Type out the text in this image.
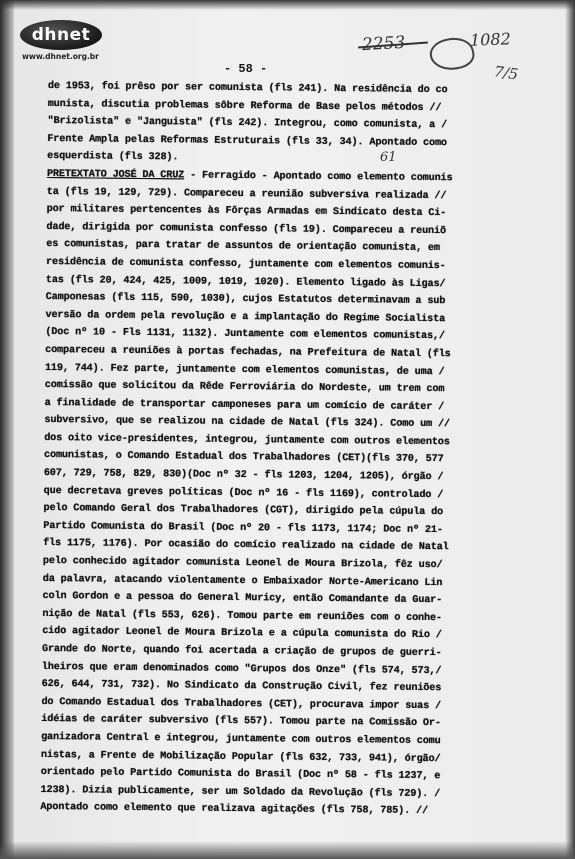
dhnet
www.dhnet.org.br
2253	1082
7/5
61
- 58 -
de 1953, foi prêso por ser comunista (fls 241). Na residência do co
munista, discutia problemas sôbre Reforma de Base pelos métodos //
"Brizolista" e "Janguista" (fls 242). Integrou, como comunista, a /
Frente Ampla pelas Reformas Estruturais (fls 33, 34). Apontado como
esquerdista (fls 328).
PRETEXTATO JOSÉ DA CRUZ - Ferragido - Apontado como elemento comunis
ta (fls 19, 129, 729). Compareceu a reunião subversiva realizada //
por militares pertencentes às Fôrças Armadas em Sindicato desta Ci-
dade, dirigida por comunista confesso (fls 19). Compareceu a reuniõ
es comunistas, para tratar de assuntos de orientação comunista, em
residência de comunista confesso, juntamente com elementos comunis-
tas (fls 20, 424, 425, 1009, 1019, 1020). Elemento ligado às Ligas/
Camponesas (fls 115, 590, 1030), cujos Estatutos determinavam a sub
versão da ordem pela revolução e a implantação do Regime Socialista
(Doc nº 10 - Fls 1131, 1132). Juntamente com elementos comunistas,/
compareceu a reuniões à portas fechadas, na Prefeitura de Natal (fls
119, 744). Fez parte, juntamente com elementos comunistas, de uma /
comissão que solicitou da Rêde Ferroviária do Nordeste, um trem com
a finalidade de transportar camponeses para um comício de caráter /
subversivo, que se realizou na cidade de Natal (fls 324). Como um //
dos oito vice-presidentes, integrou, juntamente com outros elementos
comunistas, o Comando Estadual dos Trabalhadores (CET)(fls 370, 577
607, 729, 758, 829, 830)(Doc nº 32 - fls 1203, 1204, 1205), órgão /
que decretava greves políticas (Doc nº 16 - fls 1169), controlado /
pelo Comando Geral dos Trabalhadores (CGT), dirigido pela cúpula do
Partido Comunista do Brasil (Doc nº 20 - fls 1173, 1174; Doc nº 21-
fls 1175, 1176). Por ocasião do comício realizado na cidade de Natal
pelo conhecido agitador comunista Leonel de Moura Brizola, fêz uso/
da palavra, atacando violentamente o Embaixador Norte-Americano Lin
coln Gordon e a pessoa do General Muricy, então Comandante da Guar-
nição de Natal (fls 553, 626). Tomou parte em reuniões com o conhe-
cido agitador Leonel de Moura Brizola e a cúpula comunista do Rio /
Grande do Norte, quando foi acertada a criação de grupos de guerri-
lheiros que eram denominados como "Grupos dos Onze" (fls 574, 573,/
626, 644, 731, 732). No Sindicato da Construção Civil, fez reuniões
do Comando Estadual dos Trabalhadores (CET), procurava impor suas /
idéias de caráter subversivo (fls 557). Tomou parte na Comissão Or-
ganizadora Central e integrou, juntamente com outros elementos comu
nistas, a Frente de Mobilização Popular (fls 632, 733, 941), órgão/
orientado pelo Partido Comunista do Brasil (Doc nº 58 - fls 1237, e
1238). Dizia publicamente, ser um Soldado da Revolução (fls 729). /
Apontado como elemento que realizava agitações (fls 758, 785). //
